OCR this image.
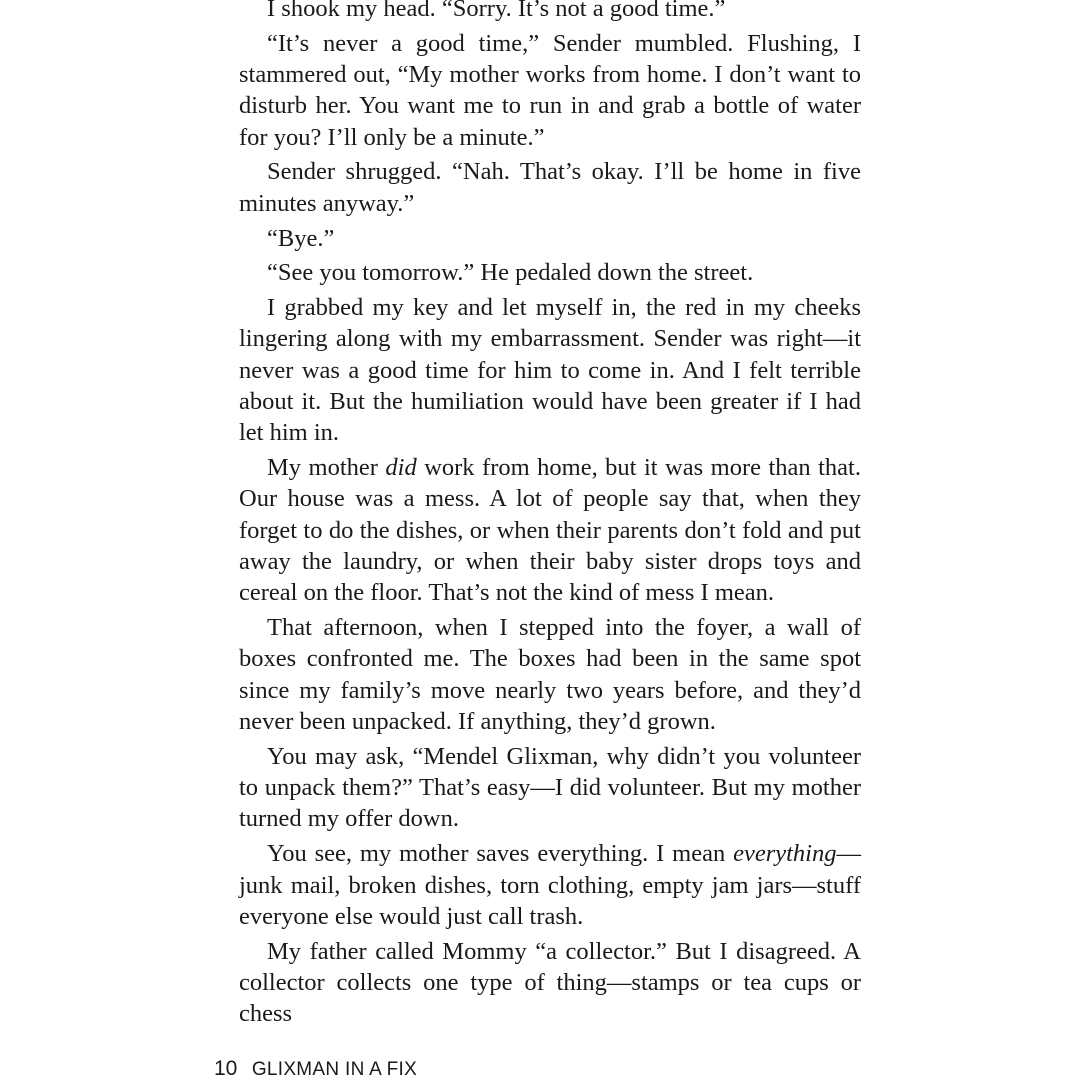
I shook my head. “Sorry. It’s not a good time.”

“It’s never a good time,” Sender mumbled. Flushing, I stammered out, “My mother works from home. I don’t want to disturb her. You want me to run in and grab a bottle of water for you? I’ll only be a minute.”

Sender shrugged. “Nah. That’s okay. I’ll be home in five minutes anyway.”

“Bye.”

“See you tomorrow.” He pedaled down the street.

I grabbed my key and let myself in, the red in my cheeks lingering along with my embarrassment. Sender was right—it never was a good time for him to come in. And I felt terrible about it. But the humiliation would have been greater if I had let him in.

My mother did work from home, but it was more than that. Our house was a mess. A lot of people say that, when they forget to do the dishes, or when their parents don’t fold and put away the laundry, or when their baby sister drops toys and cereal on the floor. That’s not the kind of mess I mean.

That afternoon, when I stepped into the foyer, a wall of boxes confronted me. The boxes had been in the same spot since my family’s move nearly two years before, and they’d never been unpacked. If anything, they’d grown.

You may ask, “Mendel Glixman, why didn’t you volunteer to unpack them?” That’s easy—I did volunteer. But my mother turned my offer down.

You see, my mother saves everything. I mean everything—junk mail, broken dishes, torn clothing, empty jam jars—stuff everyone else would just call trash.

My father called Mommy “a collector.” But I disagreed. A collector collects one type of thing—stamps or tea cups or chess

10 GLIXMAN IN A FIX
